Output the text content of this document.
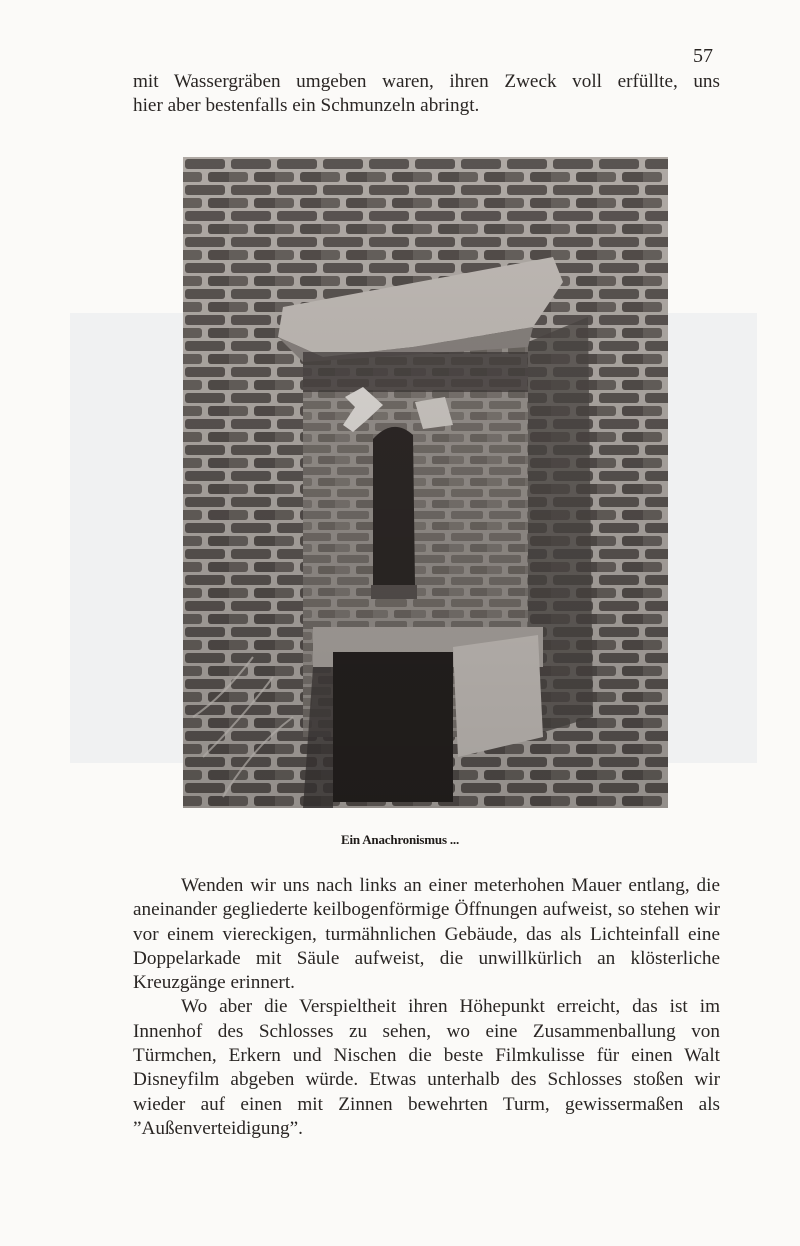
57

mit Wassergräben umgeben waren, ihren Zweck voll erfüllte, uns

hier aber bestenfalls ein Schmunzeln abringt.

Ein Anachronismus ...

Wenden wir uns nach links an einer meterhohen Mauer entlang, die aneinander gegliederte keilbogenförmige Öffnungen aufweist, so stehen wir vor einem viereckigen, turmähnlichen Gebäude, das als Lichteinfall eine Doppelarkade mit Säule aufweist, die unwillkürlich an klösterliche Kreuzgänge erinnert.

Wo aber die Verspieltheit ihren Höhepunkt erreicht, das ist im Innenhof des Schlosses zu sehen, wo eine Zusammenballung von Türmchen, Erkern und Nischen die beste Filmkulisse für einen Walt Disneyfilm abgeben würde. Etwas unterhalb des Schlosses stoßen wir wieder auf einen mit Zinnen bewehrten Turm, gewissermaßen als ”Außenverteidigung”.
